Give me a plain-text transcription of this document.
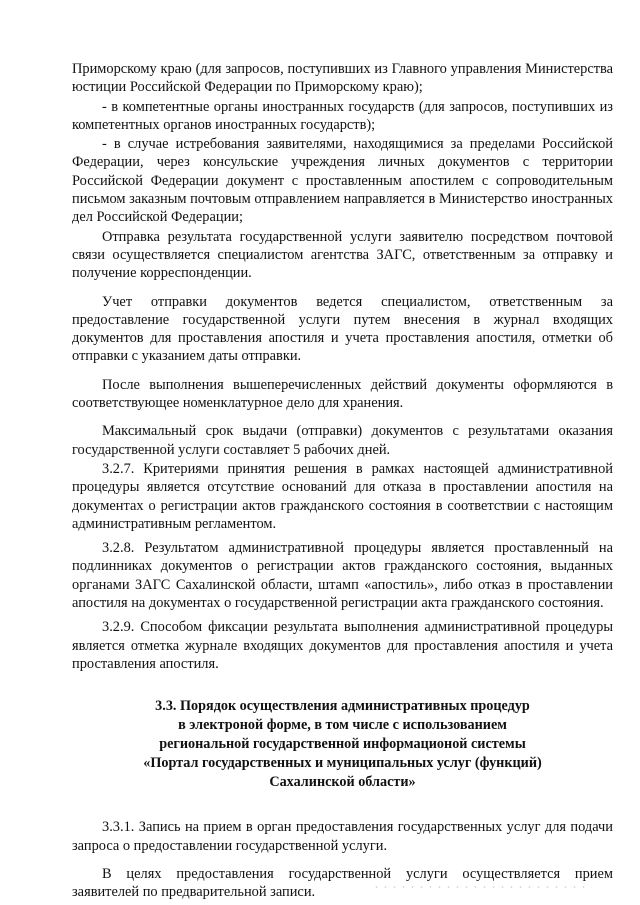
Приморскому краю (для запросов, поступивших из Главного управления Министерства юстиции Российской Федерации по Приморскому краю);

- в компетентные органы иностранных государств (для запросов, поступивших из компетентных органов иностранных государств);

- в случае истребования заявителями, находящимися за пределами Российской Федерации, через консульские учреждения личных документов с территории Российской Федерации документ с проставленным апостилем с сопроводительным письмом заказным почтовым отправлением направляется в Министерство иностранных дел Российской Федерации;

Отправка результата государственной услуги заявителю посредством почтовой связи осуществляется специалистом агентства ЗАГС, ответственным за отправку и получение корреспонденции.

Учет отправки документов ведется специалистом, ответственным за предоставление государственной услуги путем внесения в журнал входящих документов для проставления апостиля и учета проставления апостиля, отметки об отправки с указанием даты отправки.

После выполнения вышеперечисленных действий документы оформляются в соответствующее номенклатурное дело для хранения.

Максимальный срок выдачи (отправки) документов с результатами оказания государственной услуги составляет 5 рабочих дней.

3.2.7. Критериями принятия решения в рамках настоящей административной процедуры является отсутствие оснований для отказа в проставлении апостиля на документах о регистрации актов гражданского состояния в соответствии с настоящим административным регламентом.

3.2.8. Результатом административной процедуры является проставленный на подлинниках документов о регистрации актов гражданского состояния, выданных органами ЗАГС Сахалинской области, штамп «апостиль», либо отказ в проставлении апостиля на документах о государственной регистрации акта гражданского состояния.

3.2.9. Способом фиксации результата выполнения административной процедуры является отметка журнале входящих документов для проставления апостиля и учета проставления апостиля.

3.3. Порядок осуществления административных процедур
в электроной форме, в том числе с использованием
региональной государственной информационой системы
«Портал государственных и муниципальных услуг (функций)
Сахалинской области»

3.3.1. Запись на прием в орган предоставления государственных услуг для подачи запроса о предоставлении государственной услуги.

В целях предоставления государственной услуги осуществляется прием заявителей по предварительной записи.
